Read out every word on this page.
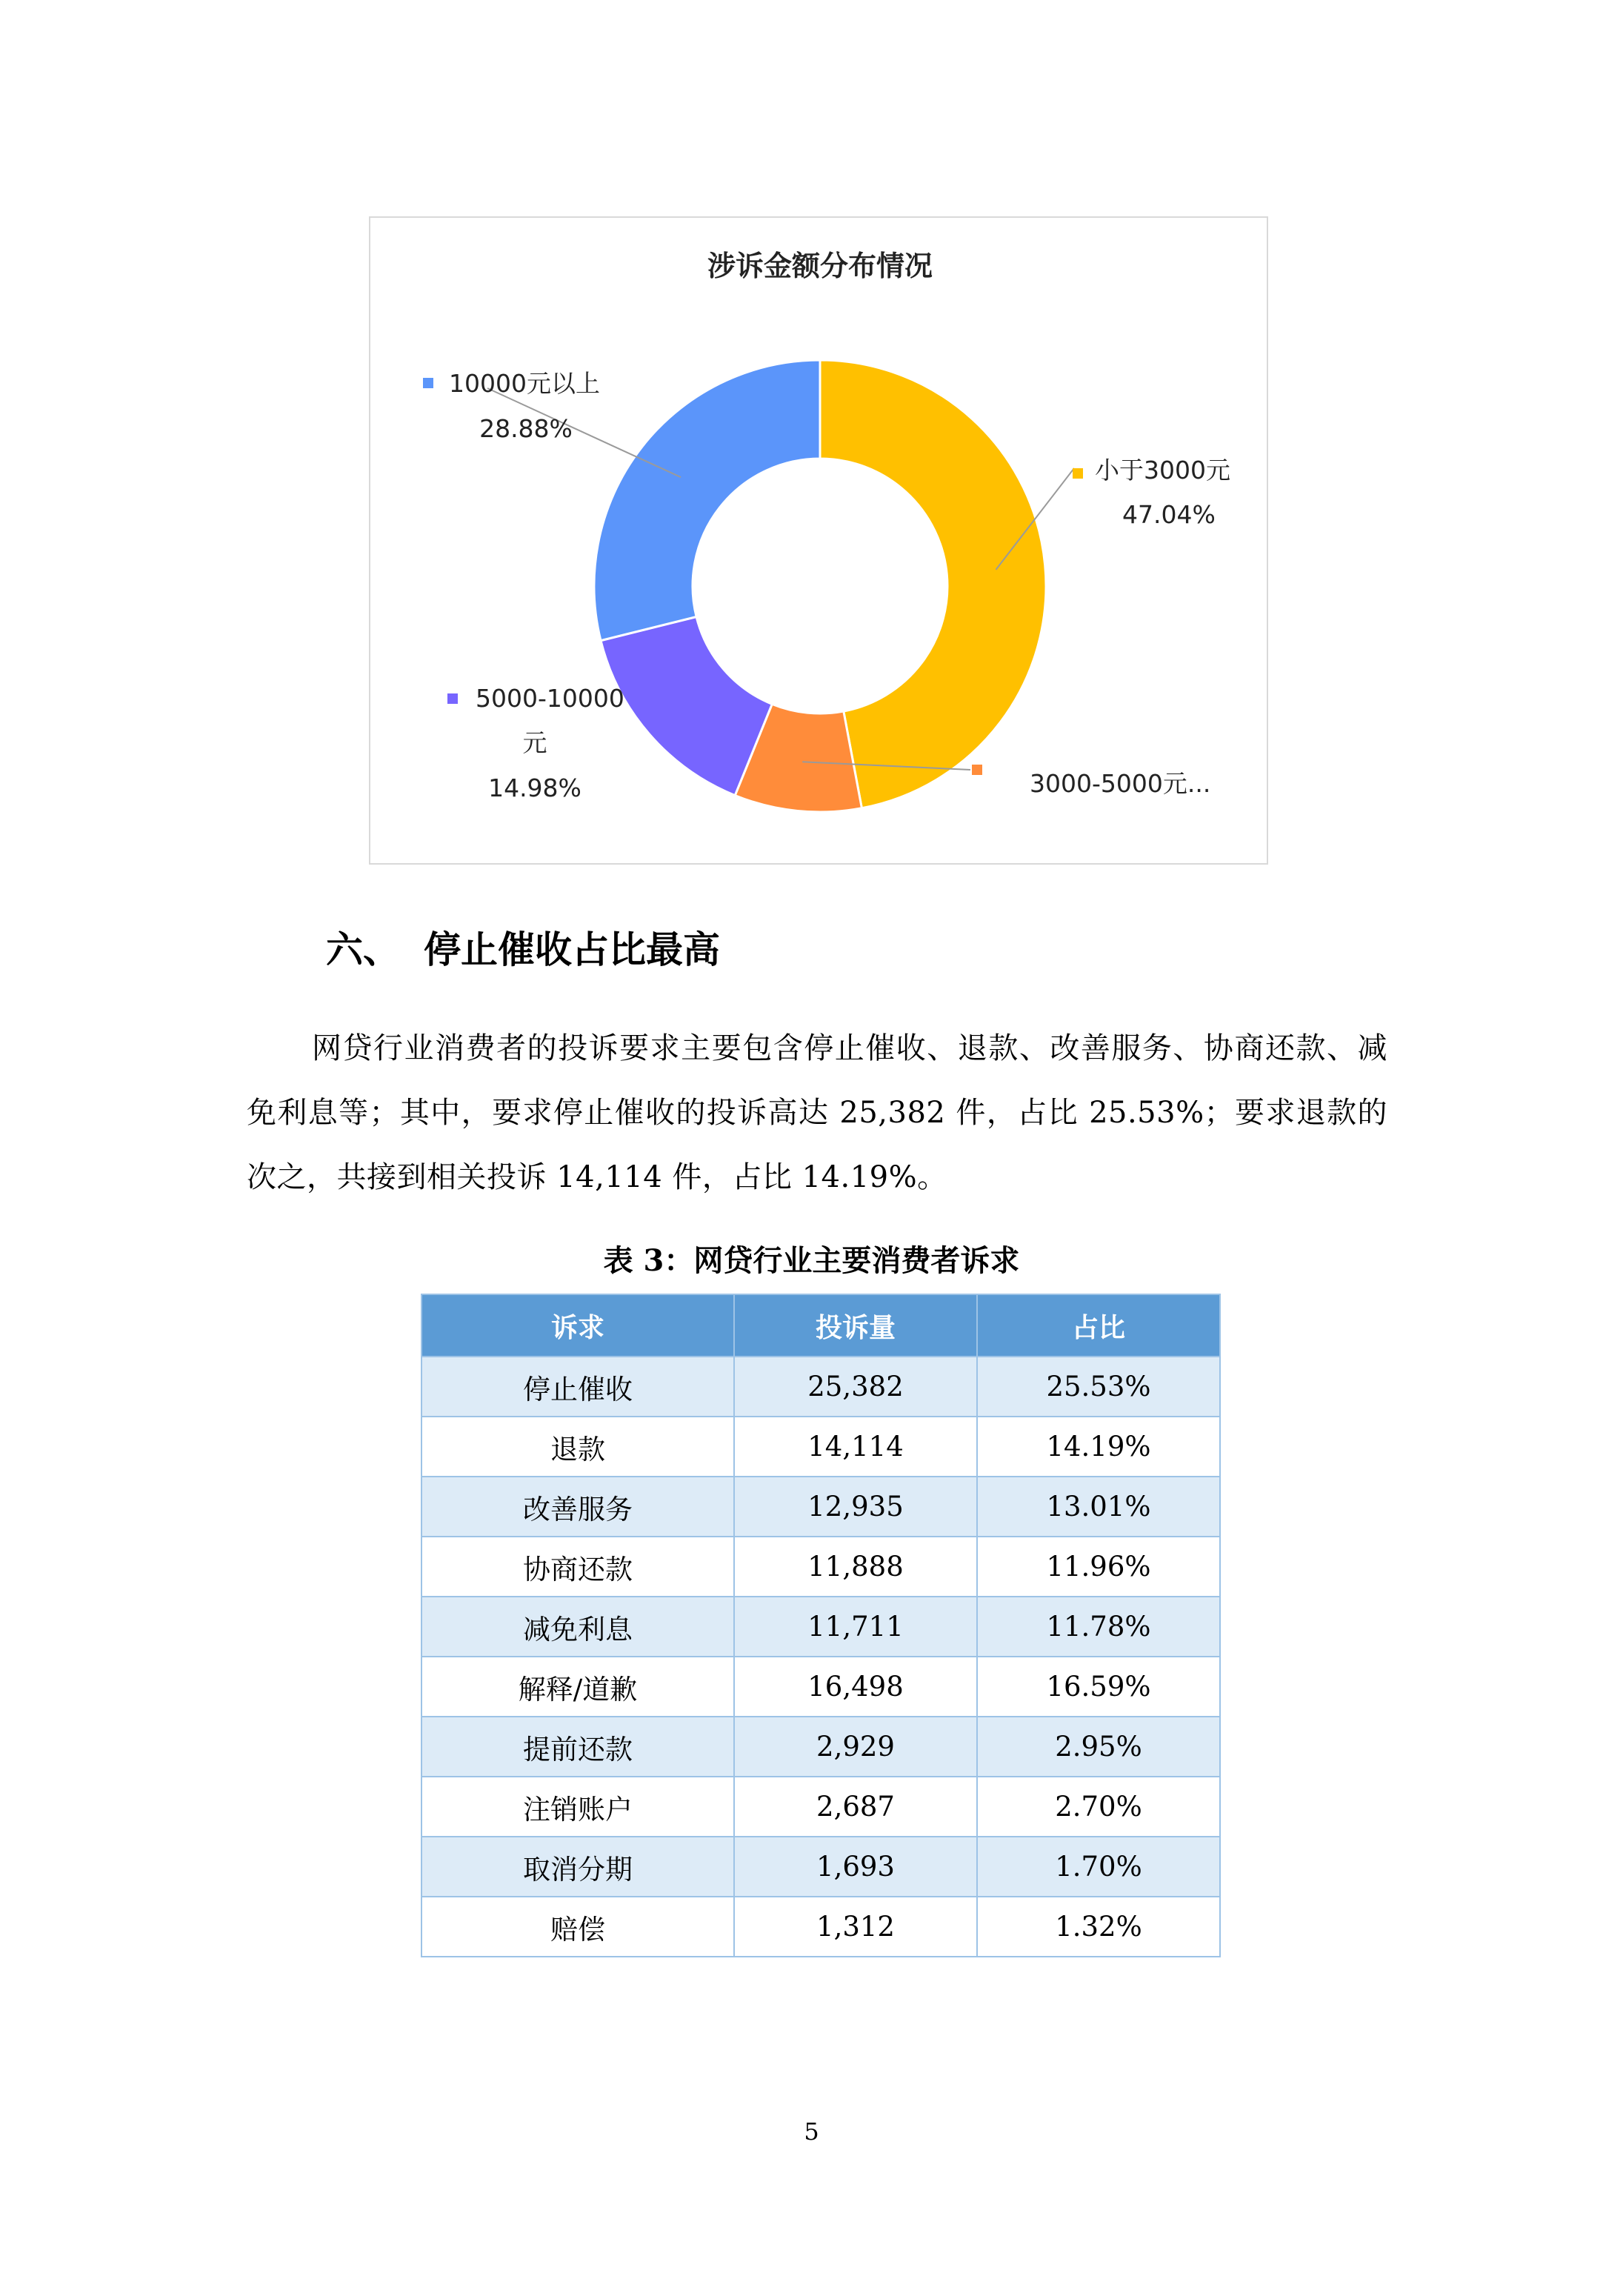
涉诉金额分布情况
小于3000元
47.04%
3000-5000元...
5000-10000
元
14.98%
10000元以上
28.88%
六、 停止催收占比最高
网贷行业消费者的投诉要求主要包含停止催收、退款、改善服务、协商还款、减免利息等；其中，要求停止催收的投诉高达 25,382 件，占比 25.53%；要求退款的次之，共接到相关投诉 14,114 件，占比 14.19%。
表 3：网贷行业主要消费者诉求
诉求	投诉量	占比
停止催收	25,382	25.53%
退款	14,114	14.19%
改善服务	12,935	13.01%
协商还款	11,888	11.96%
减免利息	11,711	11.78%
解释/道歉	16,498	16.59%
提前还款	2,929	2.95%
注销账户	2,687	2.70%
取消分期	1,693	1.70%
赔偿	1,312	1.32%
5
